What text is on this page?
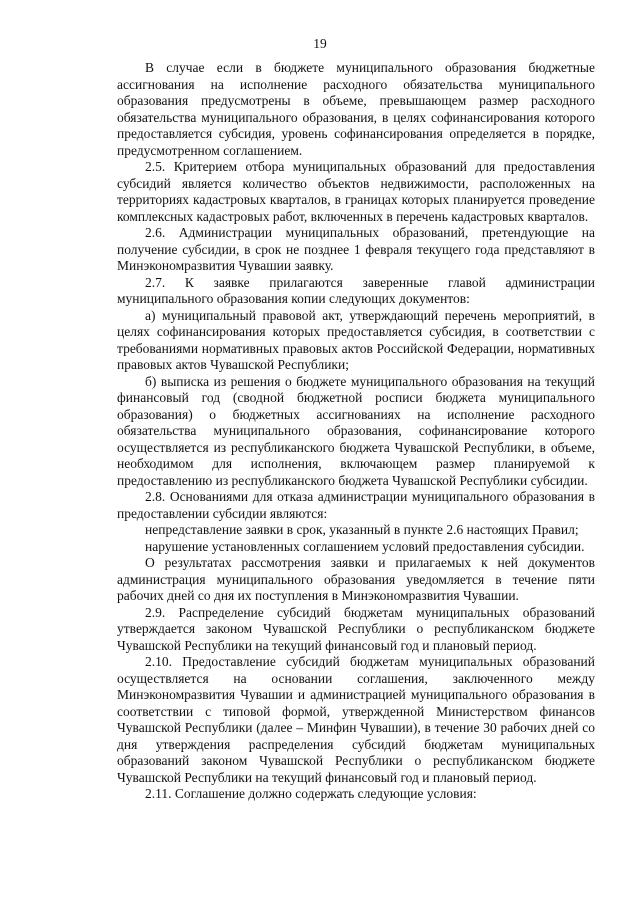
19

В случае если в бюджете муниципального образования бюджетные ассигнования на исполнение расходного обязательства муниципального образования предусмотрены в объеме, превышающем размер расходного обязательства муниципального образования, в целях софинансирования которого предоставляется субсидия, уровень софинансирования определяется в порядке, предусмотренном соглашением.

2.5. Критерием отбора муниципальных образований для предоставления субсидий является количество объектов недвижимости, расположенных на территориях кадастровых кварталов, в границах которых планируется проведение комплексных кадастровых работ, включенных в перечень кадастровых кварталов.

2.6. Администрации муниципальных образований, претендующие на получение субсидии, в срок не позднее 1 февраля текущего года представляют в Минэкономразвития Чувашии заявку.

2.7. К заявке прилагаются заверенные главой администрации муниципального образования копии следующих документов:

а) муниципальный правовой акт, утверждающий перечень мероприятий, в целях софинансирования которых предоставляется субсидия, в соответствии с требованиями нормативных правовых актов Российской Федерации, нормативных правовых актов Чувашской Республики;

б) выписка из решения о бюджете муниципального образования на текущий финансовый год (сводной бюджетной росписи бюджета муниципального образования) о бюджетных ассигнованиях на исполнение расходного обязательства муниципального образования, софинансирование которого осуществляется из республиканского бюджета Чувашской Республики, в объеме, необходимом для исполнения, включающем размер планируемой к предоставлению из республиканского бюджета Чувашской Республики субсидии.

2.8. Основаниями для отказа администрации муниципального образования в предоставлении субсидии являются:

непредставление заявки в срок, указанный в пункте 2.6 настоящих Правил;

нарушение установленных соглашением условий предоставления субсидии.

О результатах рассмотрения заявки и прилагаемых к ней документов администрация муниципального образования уведомляется в течение пяти рабочих дней со дня их поступления в Минэкономразвития Чувашии.

2.9. Распределение субсидий бюджетам муниципальных образований утверждается законом Чувашской Республики о республиканском бюджете Чувашской Республики на текущий финансовый год и плановый период.

2.10. Предоставление субсидий бюджетам муниципальных образований осуществляется на основании соглашения, заключенного между Минэкономразвития Чувашии и администрацией муниципального образования в соответствии с типовой формой, утвержденной Министерством финансов Чувашской Республики (далее – Минфин Чувашии), в течение 30 рабочих дней со дня утверждения распределения субсидий бюджетам муниципальных образований законом Чувашской Республики о республиканском бюджете Чувашской Республики на текущий финансовый год и плановый период.

2.11. Соглашение должно содержать следующие условия:
